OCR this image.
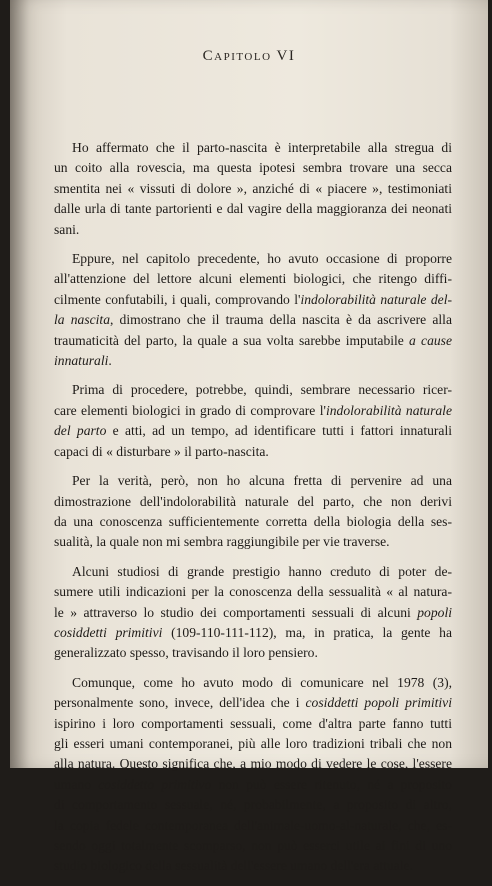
Capitolo VI
Ho affermato che il parto-nascita è interpretabile alla stregua di
un coito alla rovescia, ma questa ipotesi sembra trovare una secca
smentita nei « vissuti di dolore », anziché di « piacere », testimoniati
dalle urla di tante partorienti e dal vagire della maggioranza dei neonati
sani.
Eppure, nel capitolo precedente, ho avuto occasione di proporre
all'attenzione del lettore alcuni elementi biologici, che ritengo diffi-
cilmente confutabili, i quali, comprovando l'indolorabilità naturale del-
la nascita, dimostrano che il trauma della nascita è da ascrivere alla
traumaticità del parto, la quale a sua volta sarebbe imputabile a cause
innaturali.
Prima di procedere, potrebbe, quindi, sembrare necessario ricer-
care elementi biologici in grado di comprovare l'indolorabilità naturale
del parto e atti, ad un tempo, ad identificare tutti i fattori innaturali
capaci di « disturbare » il parto-nascita.
Per la verità, però, non ho alcuna fretta di pervenire ad una
dimostrazione dell'indolorabilità naturale del parto, che non derivi
da una conoscenza sufficientemente corretta della biologia della ses-
sualità, la quale non mi sembra raggiungibile per vie traverse.
Alcuni studiosi di grande prestigio hanno creduto di poter de-
sumere utili indicazioni per la conoscenza della sessualità « al natura-
le » attraverso lo studio dei comportamenti sessuali di alcuni popoli
cosiddetti primitivi (109-110-111-112), ma, in pratica, la gente ha
generalizzato spesso, travisando il loro pensiero.
Comunque, come ho avuto modo di comunicare nel 1978 (3),
personalmente sono, invece, dell'idea che i cosiddetti popoli primitivi
ispirino i loro comportamenti sessuali, come d'altra parte fanno tutti
gli esseri umani contemporanei, più alle loro tradizioni tribali che non
alla natura. Questo significa che, a mio modo di vedere le cose, l'essere
umano cosiddetto primitivo non può essere ritenuto, né a proposito
di comportamento sessuale, né, probabilmente, a proposito di altro,
la copia fedele contemporanea dell'animale-uomo-al-naturale, che, es-
sendo oggi totalmente scomparso, non può esserci utile ai fini di uno
studio biologico della sessualità dell'essere umano dell'era attuale.
